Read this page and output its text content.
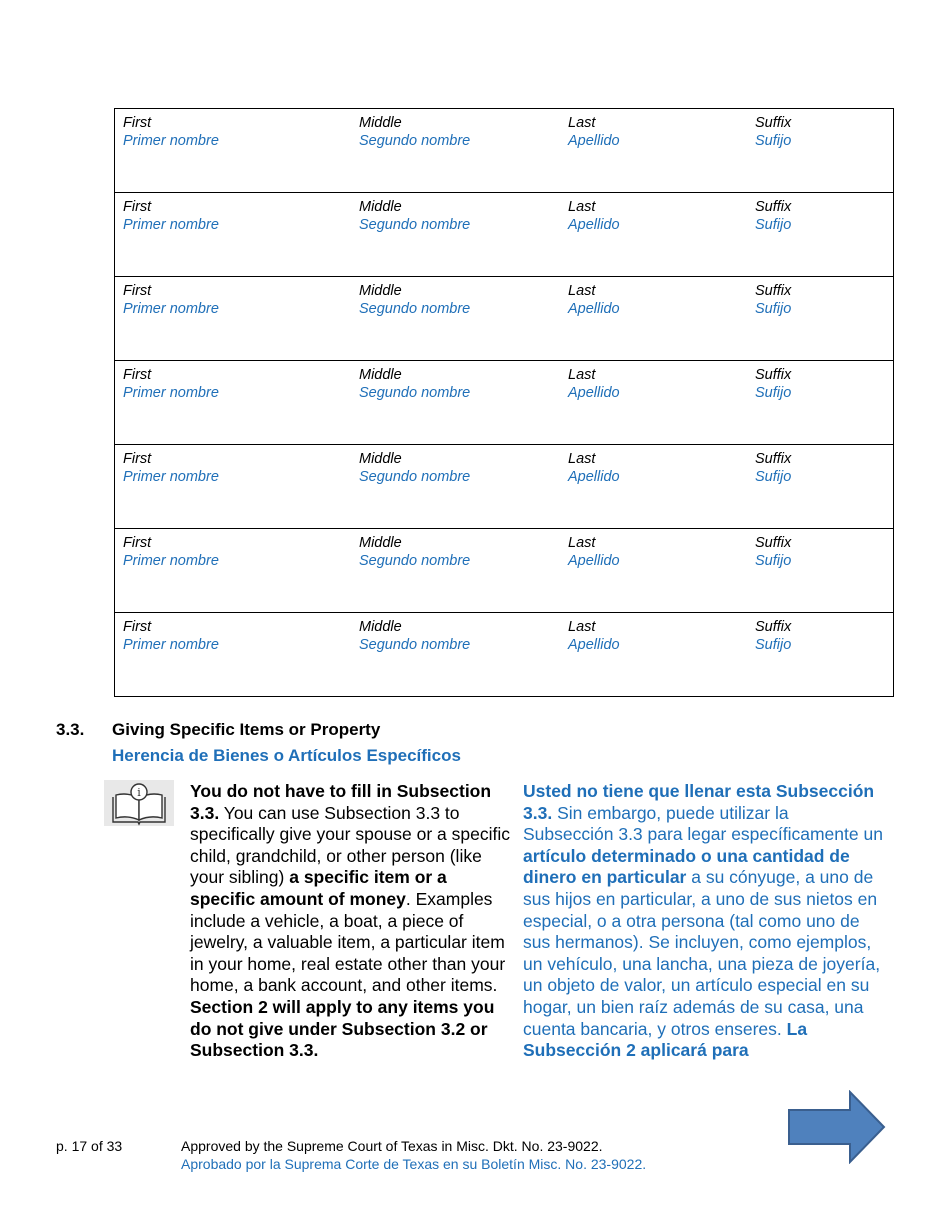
First
Primer nombre
Middle
Segundo nombre
Last
Apellido
Suffix
Sufijo
First
Primer nombre
Middle
Segundo nombre
Last
Apellido
Suffix
Sufijo
First
Primer nombre
Middle
Segundo nombre
Last
Apellido
Suffix
Sufijo
First
Primer nombre
Middle
Segundo nombre
Last
Apellido
Suffix
Sufijo
First
Primer nombre
Middle
Segundo nombre
Last
Apellido
Suffix
Sufijo
First
Primer nombre
Middle
Segundo nombre
Last
Apellido
Suffix
Sufijo
First
Primer nombre
Middle
Segundo nombre
Last
Apellido
Suffix
Sufijo
3.3. Giving Specific Items or Property
Herencia de Bienes o Artículos Específicos
i	You do not have to fill in Subsection 3.3. You can use Subsection 3.3 to specifically give your spouse or a specific child, grandchild, or other person (like your sibling) a specific item or a specific amount of money. Examples include a vehicle, a boat, a piece of jewelry, a valuable item, a particular item in your home, real estate other than your home, a bank account, and other items. Section 2 will apply to any items you do not give under Subsection 3.2 or Subsection 3.3.
Usted no tiene que llenar esta Subsección 3.3. Sin embargo, puede utilizar la Subsección 3.3 para legar específicamente un artículo determinado o una cantidad de dinero en particular a su cónyuge, a uno de sus hijos en particular, a uno de sus nietos en especial, o a otra persona (tal como uno de sus hermanos). Se incluyen, como ejemplos, un vehículo, una lancha, una pieza de joyería, un objeto de valor, un artículo especial en su hogar, un bien raíz además de su casa, una cuenta bancaria, y otros enseres. La Subsección 2 aplicará para
p. 17 of 33	Approved by the Supreme Court of Texas in Misc. Dkt. No. 23-9022.
Aprobado por la Suprema Corte de Texas en su Boletín Misc. No. 23-9022.
